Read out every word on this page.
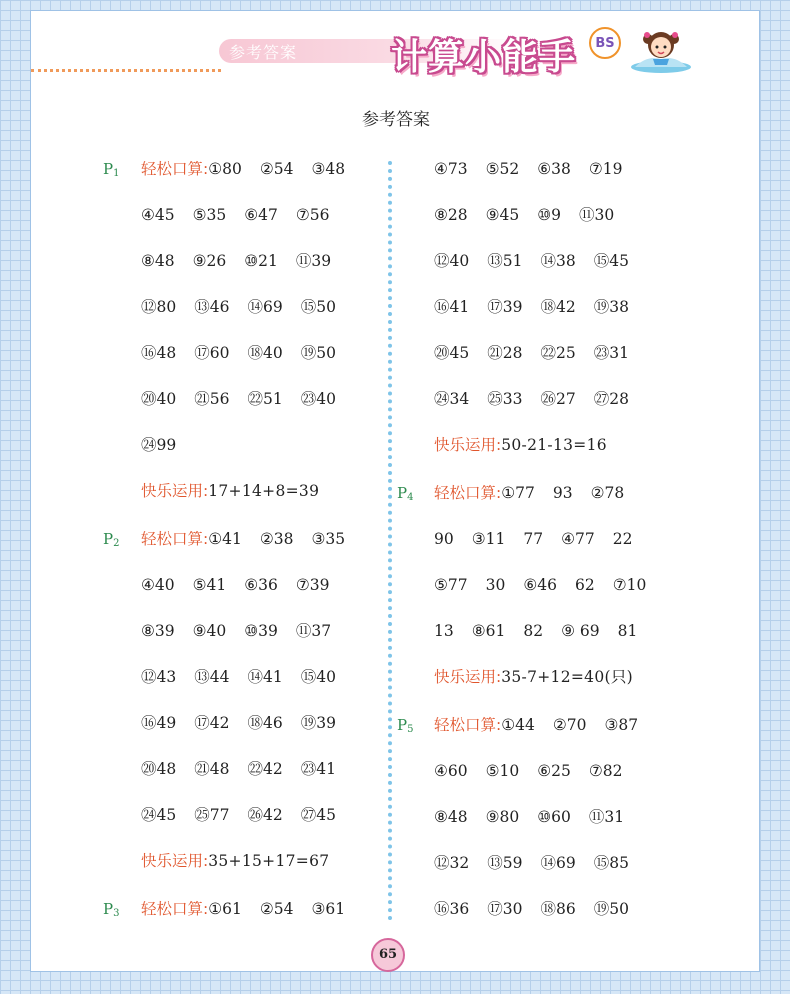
参考答案	计算小能手	BS
参考答案
$P_1$ 轻松口算:①80 ②54 ③48
④45 ⑤35 ⑥47 ⑦56
⑧48 ⑨26 ⑩21 ⑪39
⑫80 ⑬46 ⑭69 ⑮50
⑯48 ⑰60 ⑱40 ⑲50
⑳40 ㉑56 ㉒51 ㉓40
㉔99
快乐运用:17+14+8=39
$P_2$ 轻松口算:①41 ②38 ③35
④40 ⑤41 ⑥36 ⑦39
⑧39 ⑨40 ⑩39 ⑪37
⑫43 ⑬44 ⑭41 ⑮40
⑯49 ⑰42 ⑱46 ⑲39
⑳48 ㉑48 ㉒42 ㉓41
㉔45 ㉕77 ㉖42 ㉗45
快乐运用:35+15+17=67
$P_3$ 轻松口算:①61 ②54 ③61
④73 ⑤52 ⑥38 ⑦19
⑧28 ⑨45 ⑩9 ⑪30
⑫40 ⑬51 ⑭38 ⑮45
⑯41 ⑰39 ⑱42 ⑲38
⑳45 ㉑28 ㉒25 ㉓31
㉔34 ㉕33 ㉖27 ㉗28
快乐运用:50-21-13=16
$P_4$ 轻松口算:①77 93 ②78
90 ③11 77 ④77 22
⑤77 30 ⑥46 62 ⑦10
13 ⑧61 82 ⑨ 69 81
快乐运用:35-7+12=40(只)
$P_5$ 轻松口算:①44 ②70 ③87
④60 ⑤10 ⑥25 ⑦82
⑧48 ⑨80 ⑩60 ⑪31
⑫32 ⑬59 ⑭69 ⑮85
⑯36 ⑰30 ⑱86 ⑲50
65
